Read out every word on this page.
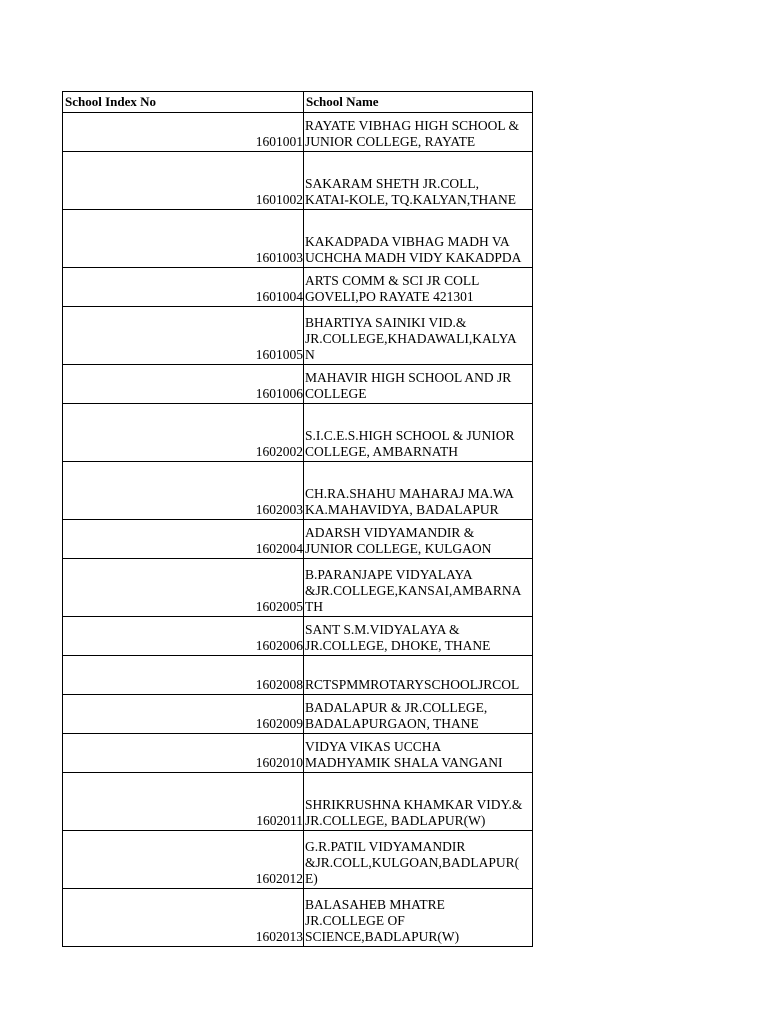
School Index No	School Name
1601001
RAYATE VIBHAG HIGH SCHOOL &
JUNIOR COLLEGE, RAYATE
1601002
SAKARAM SHETH JR.COLL,
KATAI-KOLE, TQ.KALYAN,THANE
1601003
KAKADPADA VIBHAG MADH VA
UCHCHA MADH VIDY KAKADPDA
1601004
ARTS COMM & SCI JR COLL
GOVELI,PO RAYATE 421301
1601005
BHARTIYA SAINIKI VID.&
JR.COLLEGE,KHADAWALI,KALYA
N
1601006
MAHAVIR HIGH SCHOOL AND JR
COLLEGE
1602002
S.I.C.E.S.HIGH SCHOOL & JUNIOR
COLLEGE, AMBARNATH
1602003
CH.RA.SHAHU MAHARAJ MA.WA
KA.MAHAVIDYA, BADALAPUR
1602004
ADARSH VIDYAMANDIR &
JUNIOR COLLEGE, KULGAON
1602005
B.PARANJAPE VIDYALAYA
&JR.COLLEGE,KANSAI,AMBARNA
TH
1602006
SANT S.M.VIDYALAYA &
JR.COLLEGE, DHOKE, THANE
1602008 RCTSPMMROTARYSCHOOLJRCOL
1602009
BADALAPUR & JR.COLLEGE,
BADALAPURGAON, THANE
1602010
VIDYA VIKAS UCCHA
MADHYAMIK SHALA VANGANI
1602011
SHRIKRUSHNA KHAMKAR VIDY.&
JR.COLLEGE, BADLAPUR(W)
1602012
G.R.PATIL VIDYAMANDIR
&JR.COLL,KULGOAN,BADLAPUR(
E)
1602013
BALASAHEB MHATRE
JR.COLLEGE OF
SCIENCE,BADLAPUR(W)
